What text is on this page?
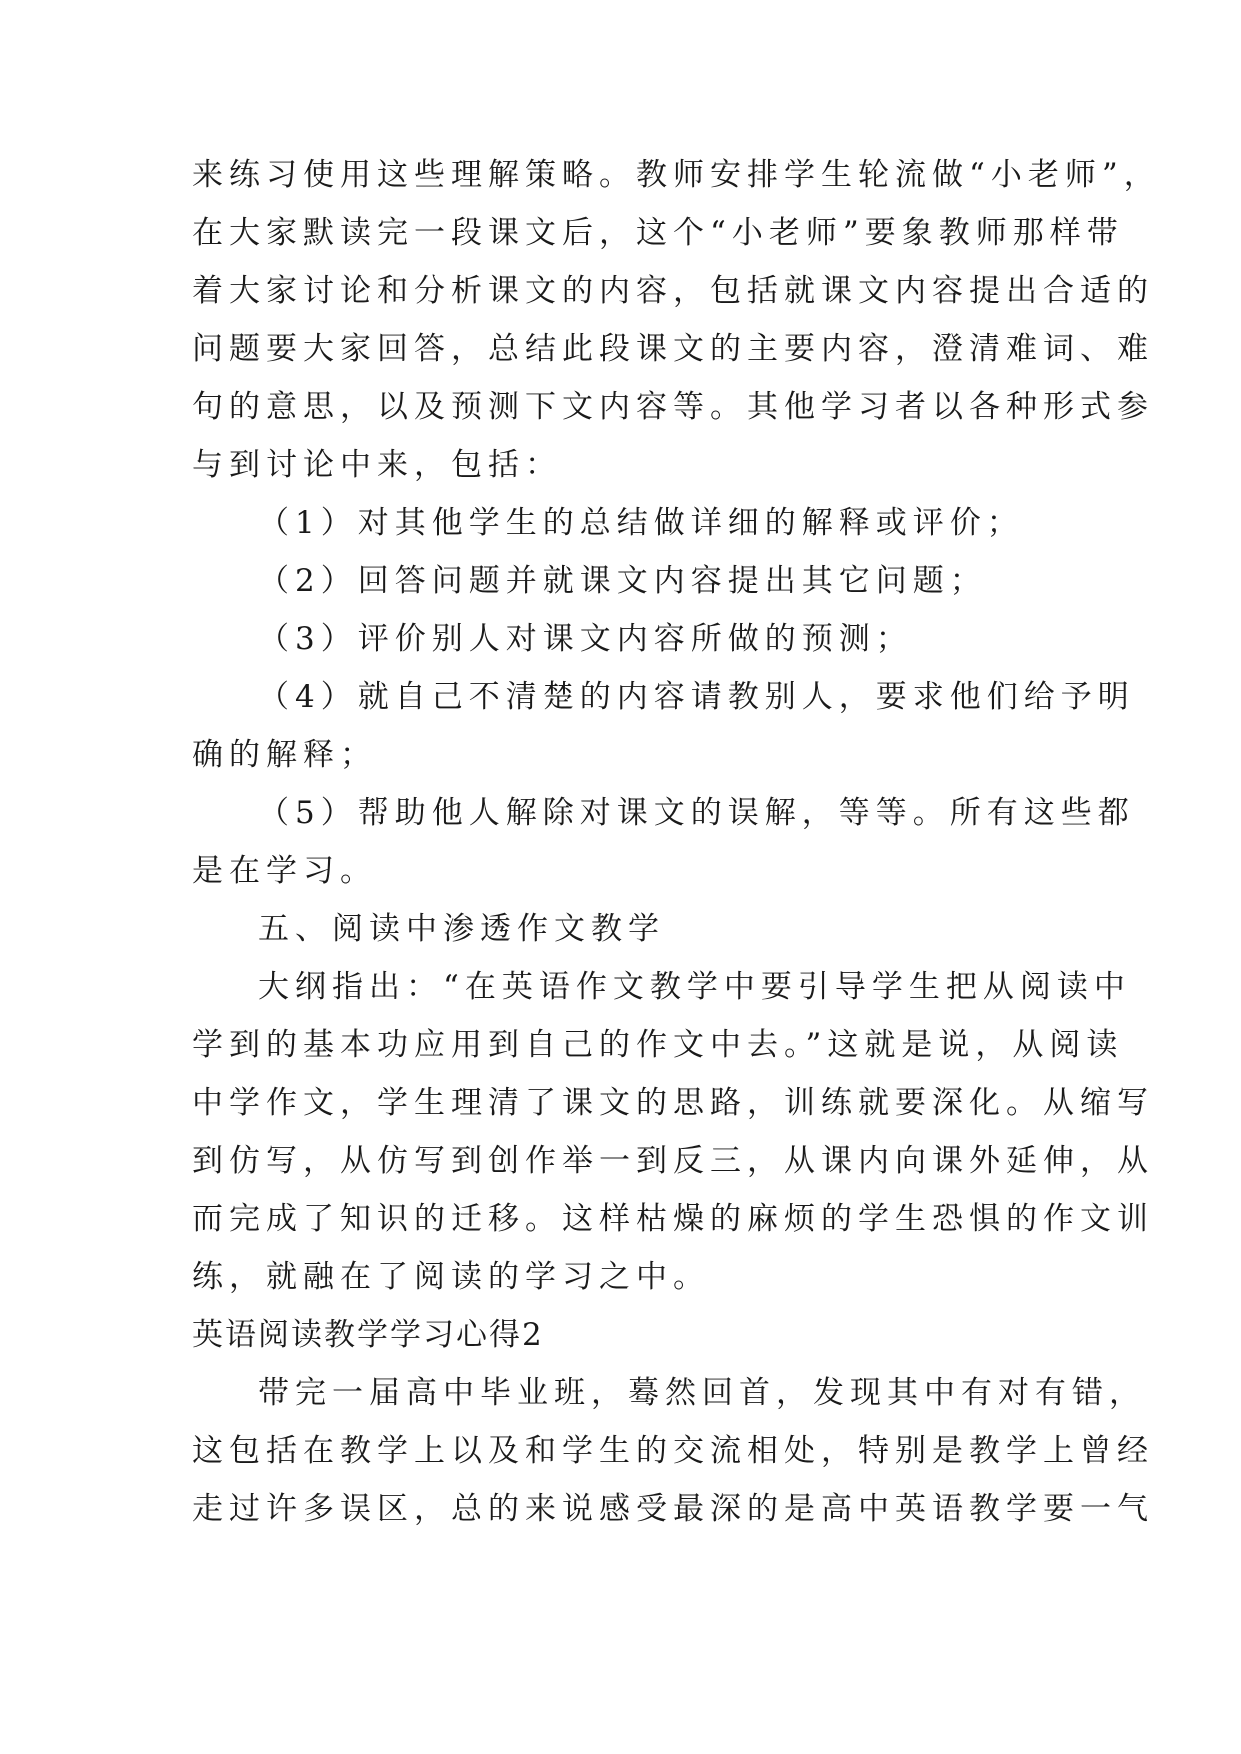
来练习使用这些理解策略。教师安排学生轮流做“小老师”，
在大家默读完一段课文后，这个“小老师”要象教师那样带
着大家讨论和分析课文的内容，包括就课文内容提出合适的
问题要大家回答，总结此段课文的主要内容，澄清难词、难
句的意思，以及预测下文内容等。其他学习者以各种形式参
与到讨论中来，包括：
（1）对其他学生的总结做详细的解释或评价；
（2）回答问题并就课文内容提出其它问题；
（3）评价别人对课文内容所做的预测；
（4）就自己不清楚的内容请教别人，要求他们给予明
确的解释；
（5）帮助他人解除对课文的误解，等等。所有这些都
是在学习。
五、阅读中渗透作文教学
大纲指出：“在英语作文教学中要引导学生把从阅读中
学到的基本功应用到自己的作文中去。”这就是说，从阅读
中学作文，学生理清了课文的思路，训练就要深化。从缩写
到仿写，从仿写到创作举一到反三，从课内向课外延伸，从
而完成了知识的迁移。这样枯燥的麻烦的学生恐惧的作文训
练，就融在了阅读的学习之中。
英语阅读教学学习心得2
带完一届高中毕业班，蓦然回首，发现其中有对有错，
这包括在教学上以及和学生的交流相处，特别是教学上曾经
走过许多误区，总的来说感受最深的是高中英语教学要一气
